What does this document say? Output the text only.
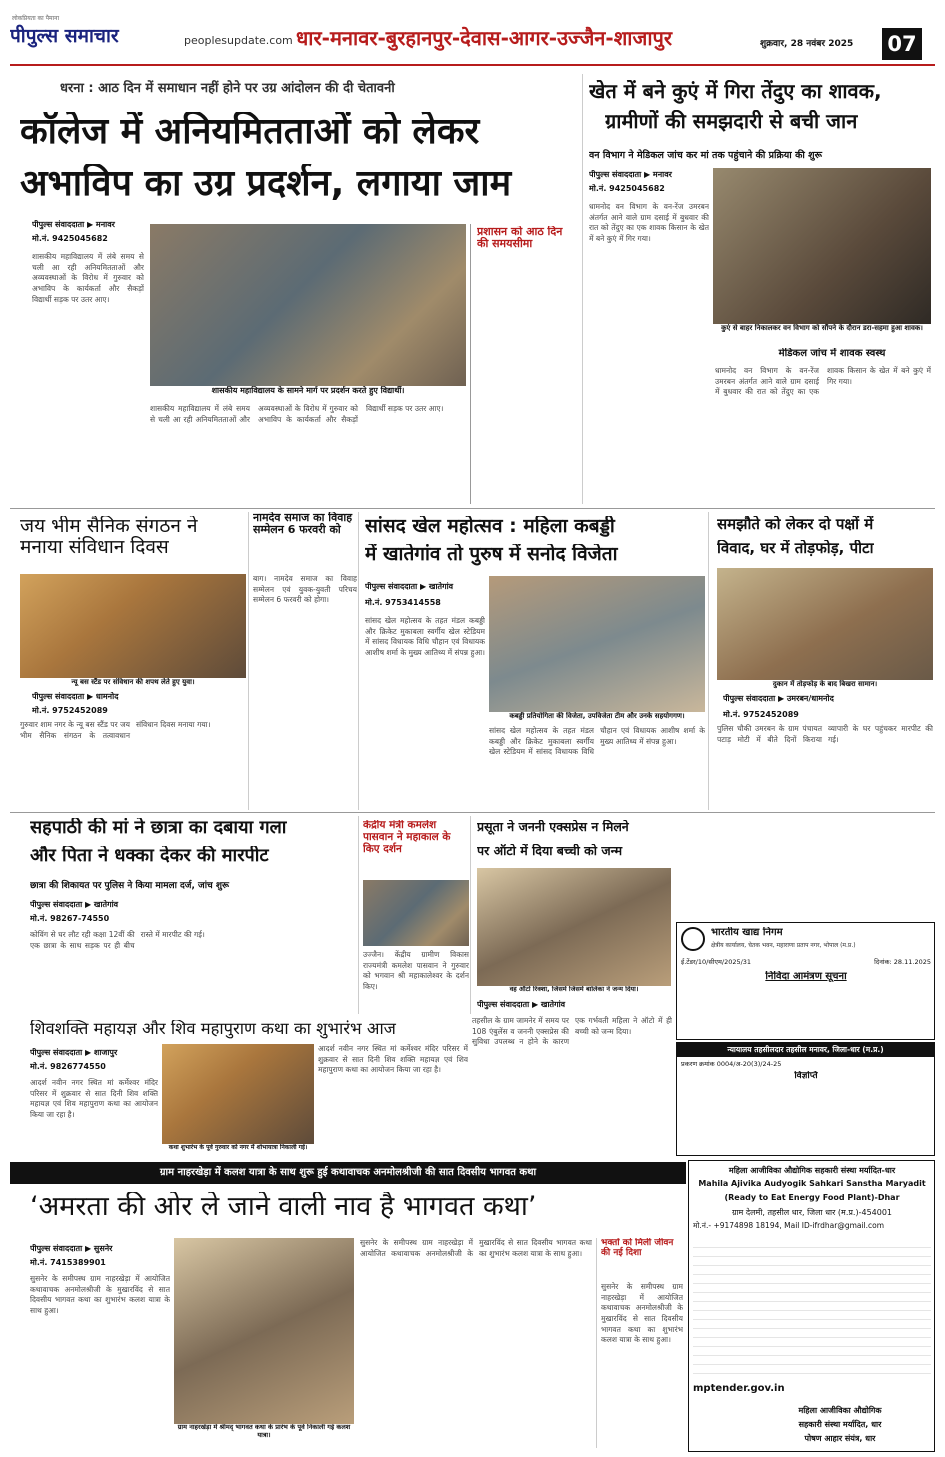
पीपुल्स समाचार
लोकप्रियता का पैमाना
peoplesupdate.com धार-मनावर-बुरहानपुर-देवास-आगर-उज्जैन-शाजापुर	शुक्रवार, 28 नवंबर 2025	07
धरना : आठ दिन में समाधान नहीं होने पर उग्र आंदोलन की दी चेतावनी
कॉलेज में अनियमितताओं को लेकर
अभाविप का उग्र प्रदर्शन, लगाया जाम
पीपुल्स संवाददाता ▶ मनावर
मो.नं. 9425045682
शासकीय महाविद्यालय में लंबे समय से चली आ रही अनियमितताओं और अव्यवस्थाओं के विरोध में गुरुवार को अभाविप के कार्यकर्ता और सैकड़ों विद्यार्थी सड़क पर उतर आए।
शासकीय महाविद्यालय के सामने मार्ग पर प्रदर्शन करते हुए विद्यार्थी।
प्रशासन को आठ दिन की समयसीमा
शासकीय महाविद्यालय में लंबे समय से चली आ रही अनियमितताओं और अव्यवस्थाओं के विरोध में गुरुवार को अभाविप के कार्यकर्ता और सैकड़ों विद्यार्थी सड़क पर उतर आए।
खेत में बने कुएं में गिरा तेंदुए का शावक,
ग्रामीणों की समझदारी से बची जान
वन विभाग ने मेडिकल जांच कर मां तक पहुंचाने की प्रक्रिया की शुरू
पीपुल्स संवाददाता ▶ मनावर
मो.नं. 9425045682
कुएं से बाहर निकालकर वन विभाग को सौंपने के दौरान डरा-सहमा हुआ शावक।
मेडिकल जांच में शावक स्वस्थ
धामनोद वन विभाग के वन-रेंज उमरबन अंतर्गत आने वाले ग्राम दसाई में बुधवार की रात को तेंदुए का एक शावक किसान के खेत में बने कुएं में गिर गया।
धामनोद वन विभाग के वन-रेंज उमरबन अंतर्गत आने वाले ग्राम दसाई में बुधवार की रात को तेंदुए का एक शावक किसान के खेत में बने कुएं में गिर गया।
जय भीम सैनिक संगठन ने मनाया संविधान दिवस
न्यू बस स्टैंड पर संविधान की शपथ लेते हुए युवा।
पीपुल्स संवाददाता ▶ धामनोद
मो.नं. 9752452089
गुरुवार शाम नगर के न्यू बस स्टैंड पर जय भीम सैनिक संगठन के तत्वावधान संविधान दिवस मनाया गया।
नामदेव समाज का विवाह सम्मेलन 6 फरवरी को
बाग। नामदेव समाज का विवाह सम्मेलन एवं युवक-युवती परिचय सम्मेलन 6 फरवरी को होगा।
सांसद खेल महोत्सव : महिला कबड्डी
में खातेगांव तो पुरुष में सनोद विजेता
पीपुल्स संवाददाता ▶ खातेगांव
मो.नं. 9753414558
कबड्डी प्रतियोगिता की विजेता, उपविजेता टीम और उनके सहयोगगण।
सांसद खेल महोत्सव के तहत मंडल कबड्डी और क्रिकेट मुकाबला स्वर्गीय खेल स्टेडियम में सांसद विधायक विधि चौहान एवं विधायक आशीष शर्मा के मुख्य आतिथ्य में संपन्न हुआ।
सांसद खेल महोत्सव के तहत मंडल कबड्डी और क्रिकेट मुकाबला स्वर्गीय खेल स्टेडियम में सांसद विधायक विधि चौहान एवं विधायक आशीष शर्मा के मुख्य आतिथ्य में संपन्न हुआ।
समझौते को लेकर दो पक्षों में
विवाद, घर में तोड़फोड़, पीटा
दुकान में तोड़फोड़ के बाद बिखरा सामान।
पीपुल्स संवाददाता ▶ उमरबन/धामनोद
मो.नं. 9752452089
पुलिस चौकी उमरबन के ग्राम पंचायत पटाड़ मोटी में बीते दिनों किराया व्यापारी के घर पहुंचकर मारपीट की गई।
सहपाठी की मां ने छात्रा का दबाया गला
और पिता ने धक्का देकर की मारपीट
छात्रा की शिकायत पर पुलिस ने किया मामला दर्ज, जांच शुरू
पीपुल्स संवाददाता ▶ खातेगांव
मो.नं. 98267-74550
कोविंग से घर लौट रही कक्षा 12वीं की एक छात्रा के साथ सड़क पर ही बीच रास्ते में मारपीट की गई।
केंद्रीय मंत्री कमलेश पासवान ने महाकाल के किए दर्शन
उज्जैन। केंद्रीय ग्रामीण विकास राज्यमंत्री कमलेश पासवान ने गुरुवार को भगवान श्री महाकालेश्वर के दर्शन किए।
प्रसूता ने जननी एक्सप्रेस न मिलने
पर ऑटो में दिया बच्ची को जन्म
वह ऑटो रिक्शा, जिसमें जिसमें बालिका ने जन्म दिया।
पीपुल्स संवाददाता ▶ खातेगांव
भारतीय खाद्य निगम
क्षेत्रीय कार्यालय, चेतक भवन, महाराणा प्रताप नगर, भोपाल (म.प्र.)
ई.टेंडर/10/सीएम/2025/31	दिनांक: 28.11.2025
निविदा आमंत्रण सूचना
न्यायालय तहसीलदार तहसील मनावर, जिला-धार (म.प्र.)
प्रकरण क्रमांक 0004/अ-20(3)/24-25
विज्ञप्ति
शिवशक्ति महायज्ञ और शिव महापुराण कथा का शुभारंभ आज
पीपुल्स संवाददाता ▶ शाजापुर
मो.नं. 9826774550
आदर्श नवीन नगर स्थित मां कर्मेश्वर मंदिर परिसर में शुक्रवार से सात दिनी शिव शक्ति महायज्ञ एवं शिव महापुराण कथा का आयोजन किया जा रहा है।
कथा शुभारंभ के पूर्व गुरुवार को नगर में शोभायात्रा निकाली गई।
आदर्श नवीन नगर स्थित मां कर्मेश्वर मंदिर परिसर में शुक्रवार से सात दिनी शिव शक्ति महायज्ञ एवं शिव महापुराण कथा का आयोजन किया जा रहा है।
तहसील के ग्राम जामनेर में समय पर 108 एंबुलेंस व जननी एक्सप्रेस की सुविधा उपलब्ध न होने के कारण एक गर्भवती महिला ने ऑटो में ही बच्ची को जन्म दिया।
ग्राम नाहरखेड़ा में कलश यात्रा के साथ शुरू हुई कथावाचक अनमोलश्रीजी की सात दिवसीय भागवत कथा
‘अमरता की ओर ले जाने वाली नाव है भागवत कथा’
पीपुल्स संवाददाता ▶ सुसनेर
मो.नं. 7415389901
सुसनेर के समीपस्थ ग्राम नाहरखेड़ा में आयोजित कथावाचक अनमोलश्रीजी के मुखारविंद से सात दिवसीय भागवत कथा का शुभारंभ कलश यात्रा के साथ हुआ।
ग्राम नाहरखेड़ा में श्रीमद् भागवत कथा के प्रारंभ के पूर्व निकाली गई कलश यात्रा।
सुसनेर के समीपस्थ ग्राम नाहरखेड़ा में आयोजित कथावाचक अनमोलश्रीजी के मुखारविंद से सात दिवसीय भागवत कथा का शुभारंभ कलश यात्रा के साथ हुआ।
भक्तों को मिली जीवन की नई दिशा
सुसनेर के समीपस्थ ग्राम नाहरखेड़ा में आयोजित कथावाचक अनमोलश्रीजी के मुखारविंद से सात दिवसीय भागवत कथा का शुभारंभ कलश यात्रा के साथ हुआ।
महिला आजीविका औद्योगिक सहकारी संस्था मर्यादित-धार
Mahila Ajivika Audyogik Sahkari Sanstha Maryadit
(Ready to Eat Energy Food Plant)-Dhar
ग्राम देलमी, तहसील धार, जिला धार (म.प्र.)-454001
मो.नं.- +9174898 18194, Mail ID-ifrdhar@gmail.com
mptender.gov.in
महिला आजीविका औद्योगिक
सहकारी संस्था मर्यादित, धार
पोषण आहार संयंत्र, धार
